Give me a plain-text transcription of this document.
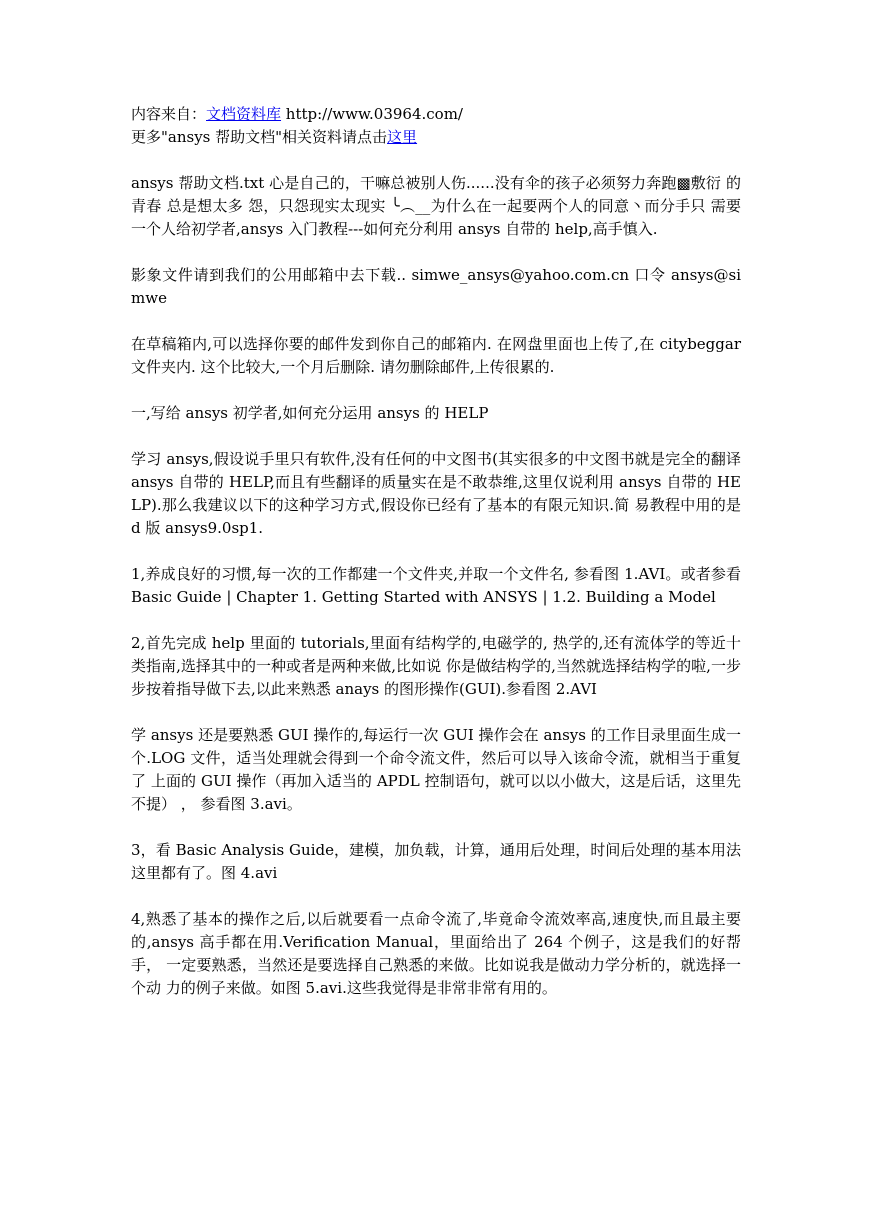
内容来自：文档资料库 http://www.03964.com/

更多"ansys 帮助文档"相关资料请点击这里

ansys 帮助文档.txt 心是自己的，干嘛总被别人伤......没有伞的孩子必须努力奔跑▩敷衍 的青春 总是想太多 怨，只怨现实太现实 ╰︵__为什么在一起要两个人的同意丶而分手只 需要一个人给初学者,ansys 入门教程---如何充分利用 ansys 自带的 help,高手慎入.

影象文件请到我们的公用邮箱中去下载.. simwe_ansys@yahoo.com.cn 口令 ansys@simwe

在草稿箱内,可以选择你要的邮件发到你自己的邮箱内. 在网盘里面也上传了,在 citybeggar 文件夹内. 这个比较大,一个月后删除. 请勿删除邮件,上传很累的.

一,写给 ansys 初学者,如何充分运用 ansys 的 HELP

学习 ansys,假设说手里只有软件,没有任何的中文图书(其实很多的中文图书就是完全的翻译 ansys 自带的 HELP,而且有些翻译的质量实在是不敢恭维,这里仅说利用 ansys 自带的 HELP).那么我建议以下的这种学习方式,假设你已经有了基本的有限元知识.简 易教程中用的是 d 版 ansys9.0sp1.

1,养成良好的习惯,每一次的工作都建一个文件夹,并取一个文件名, 参看图 1.AVI。或者参看 Basic Guide | Chapter 1. Getting Started with ANSYS | 1.2. Building a Model

2,首先完成 help 里面的 tutorials,里面有结构学的,电磁学的, 热学的,还有流体学的等近十类指南,选择其中的一种或者是两种来做,比如说 你是做结构学的,当然就选择结构学的啦,一步步按着指导做下去,以此来熟悉 anays 的图形操作(GUI).参看图 2.AVI

学 ansys 还是要熟悉 GUI 操作的,每运行一次 GUI 操作会在 ansys 的工作目录里面生成一 个.LOG 文件，适当处理就会得到一个命令流文件，然后可以导入该命令流，就相当于重复了 上面的 GUI 操作（再加入适当的 APDL 控制语句，就可以以小做大，这是后话，这里先不提） ， 参看图 3.avi。

3，看 Basic Analysis Guide，建模，加负载，计算，通用后处理，时间后处理的基本用法 这里都有了。图 4.avi

4,熟悉了基本的操作之后,以后就要看一点命令流了,毕竟命令流效率高,速度快,而且最主要 的,ansys 高手都在用.Verification Manual，里面给出了 264 个例子，这是我们的好帮手， 一定要熟悉，当然还是要选择自己熟悉的来做。比如说我是做动力学分析的，就选择一个动 力的例子来做。如图 5.avi.这些我觉得是非常非常有用的。
